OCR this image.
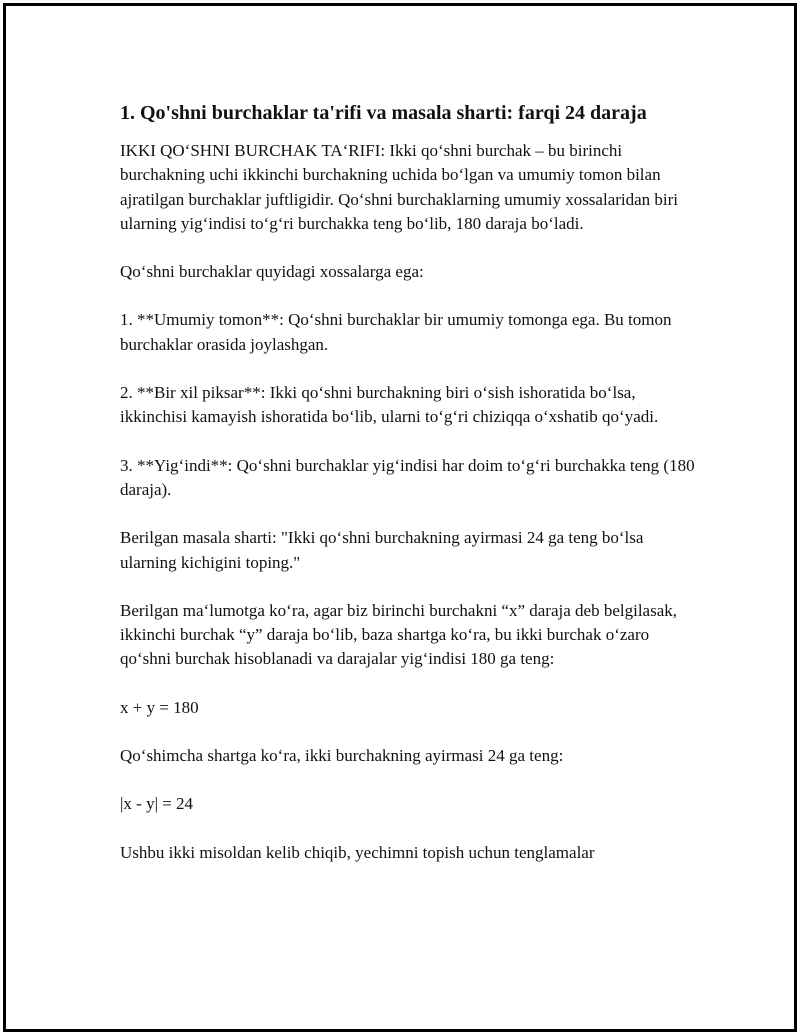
1. Qo'shni burchaklar ta'rifi va masala sharti: farqi 24 daraja

IKKI QO‘SHNI BURCHAK TA‘RIFI: Ikki qo‘shni burchak – bu birinchi burchakning uchi ikkinchi burchakning uchida bo‘lgan va umumiy tomon bilan ajratilgan burchaklar juftligidir. Qo‘shni burchaklarning umumiy xossalaridan biri ularning yig‘indisi to‘g‘ri burchakka teng bo‘lib, 180 daraja bo‘ladi.

Qo‘shni burchaklar quyidagi xossalarga ega:

1. **Umumiy tomon**: Qo‘shni burchaklar bir umumiy tomonga ega. Bu tomon burchaklar orasida joylashgan.

2. **Bir xil piksar**: Ikki qo‘shni burchakning biri o‘sish ishoratida bo‘lsa, ikkinchisi kamayish ishoratida bo‘lib, ularni to‘g‘ri chiziqqa o‘xshatib qo‘yadi.

3. **Yig‘indi**: Qo‘shni burchaklar yig‘indisi har doim to‘g‘ri burchakka teng (180 daraja).

Berilgan masala sharti: "Ikki qo‘shni burchakning ayirmasi 24 ga teng bo‘lsa ularning kichigini toping."

Berilgan ma‘lumotga ko‘ra, agar biz birinchi burchakni “x” daraja deb belgilasak, ikkinchi burchak “y” daraja bo‘lib, baza shartga ko‘ra, bu ikki burchak o‘zaro qo‘shni burchak hisoblanadi va darajalar yig‘indisi 180 ga teng:

x + y = 180

Qo‘shimcha shartga ko‘ra, ikki burchakning ayirmasi 24 ga teng:

|x - y| = 24

Ushbu ikki misoldan kelib chiqib, yechimni topish uchun tenglamalar
